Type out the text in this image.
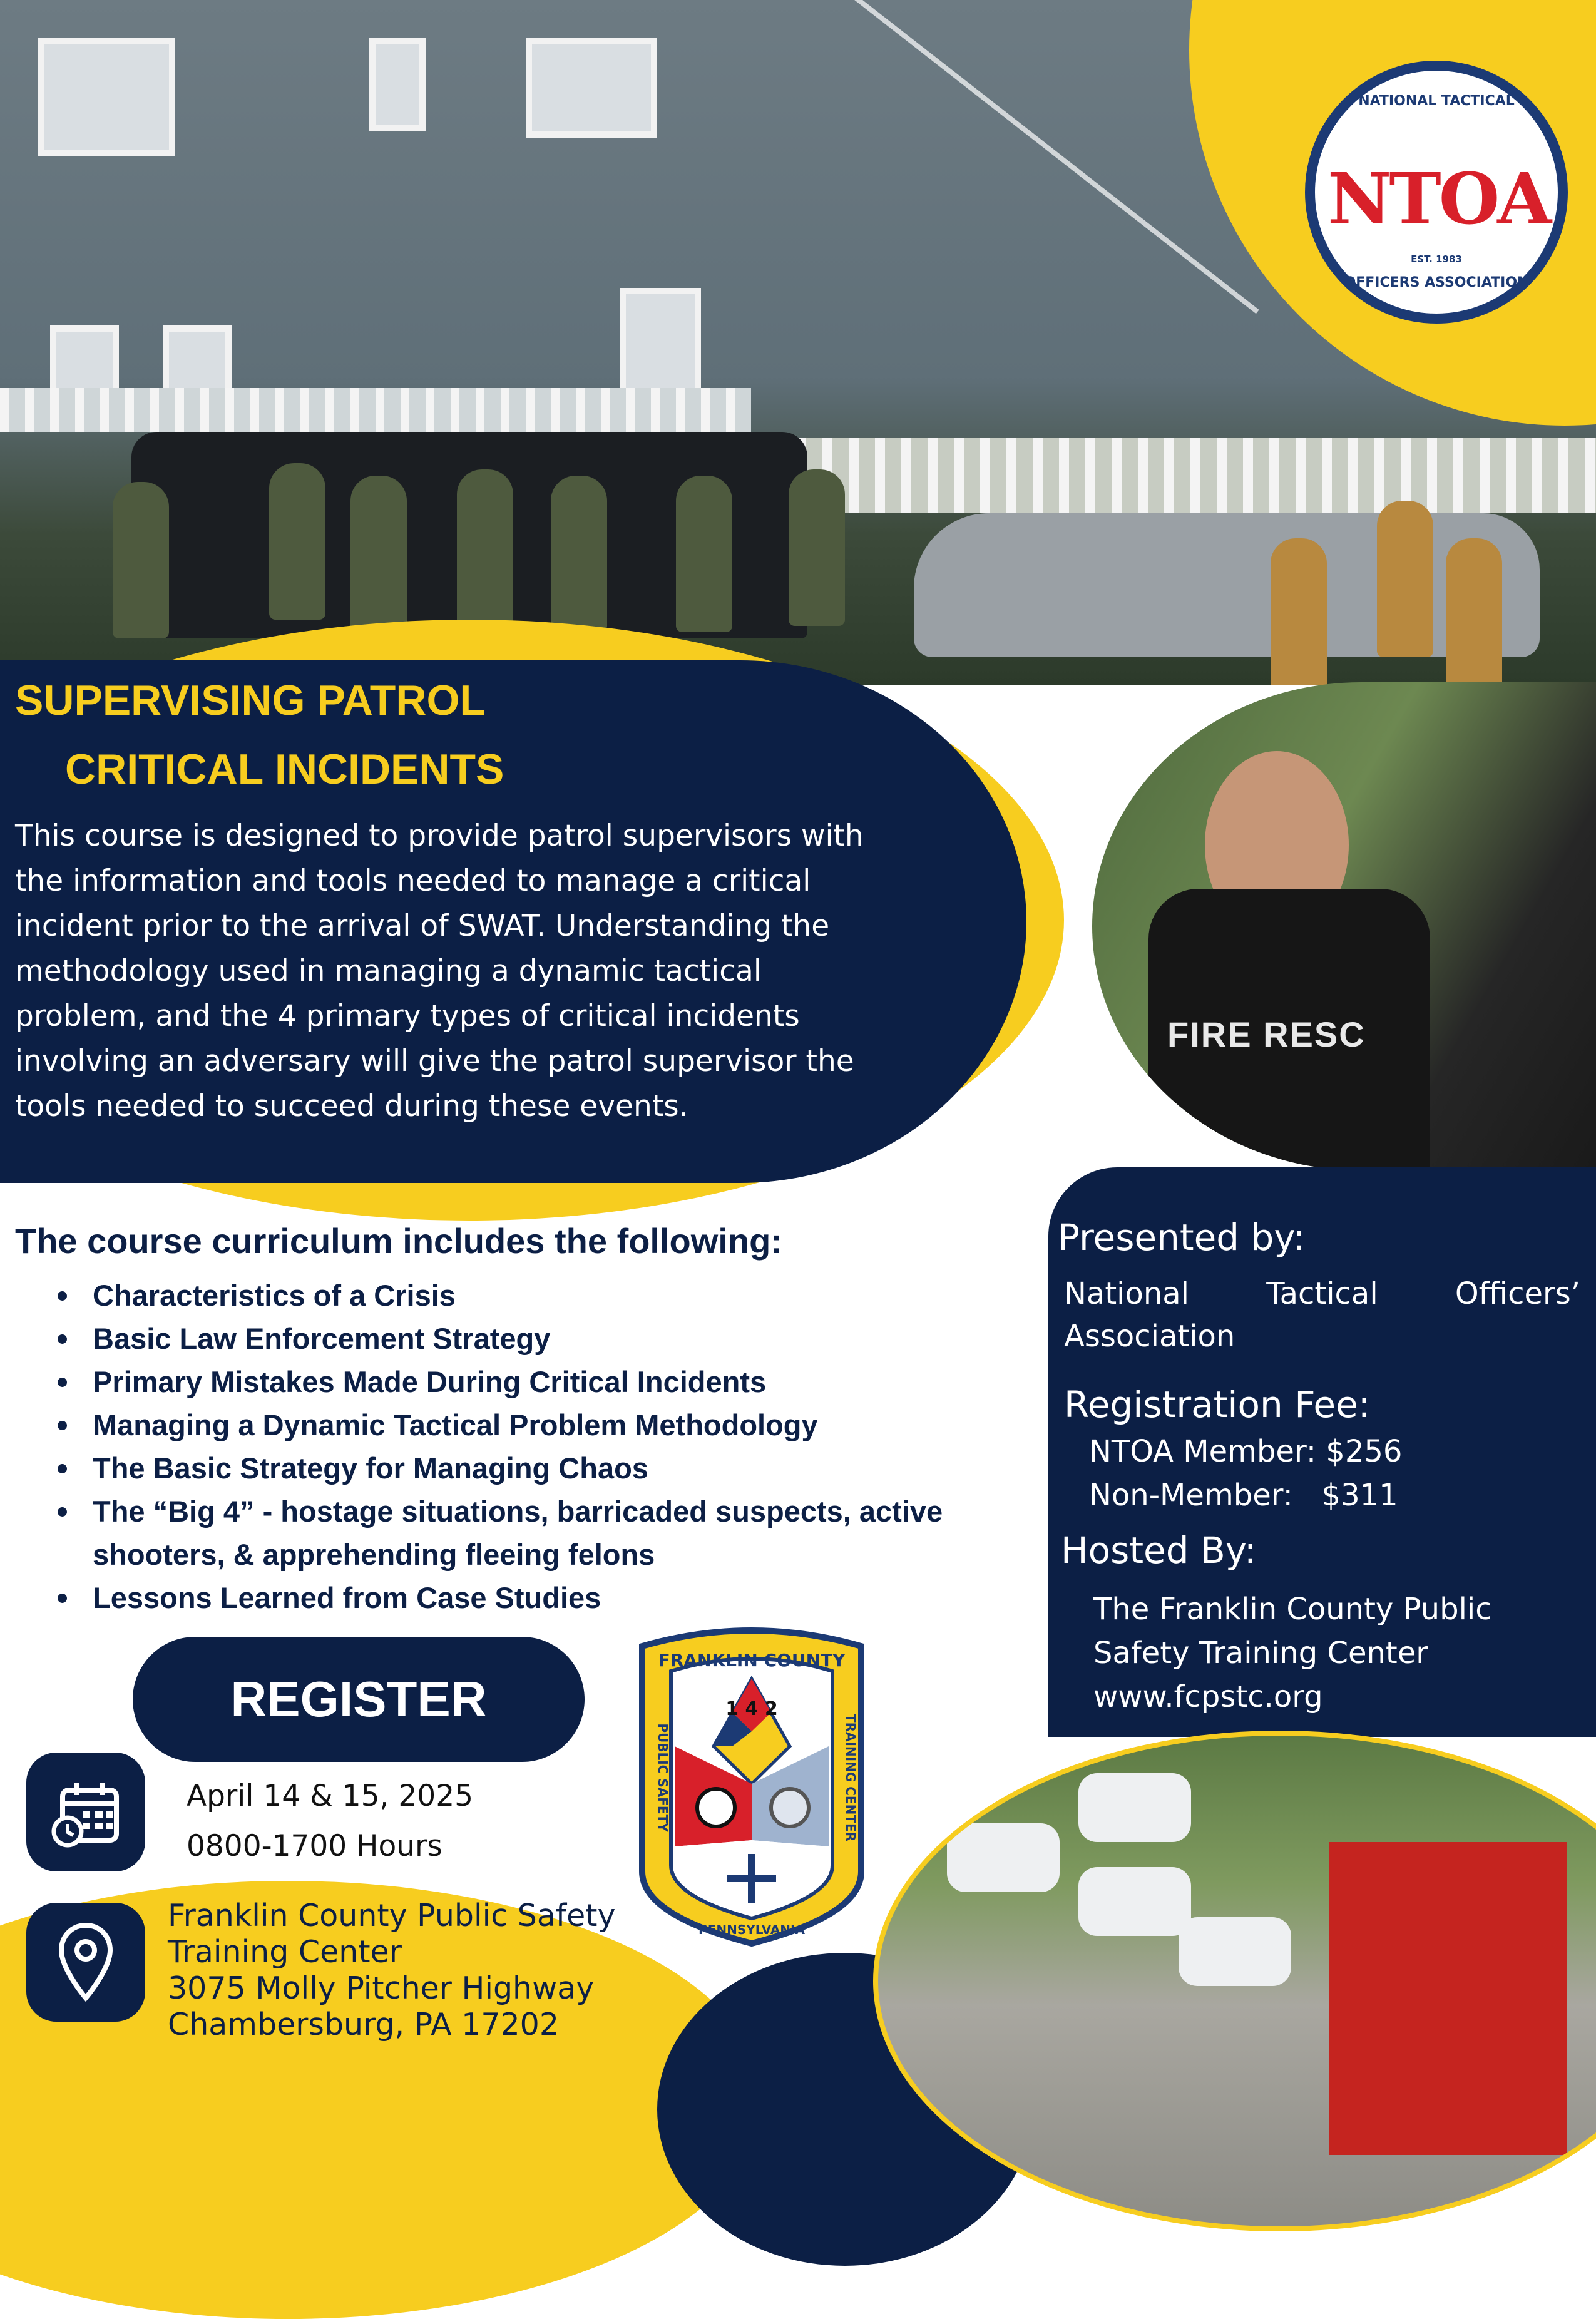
NATIONAL TACTICAL
NTOA
EST. 1983
OFFICERS ASSOCIATION
SUPERVISING PATROL
CRITICAL INCIDENTS
This course is designed to provide patrol supervisors with the information and tools needed to manage a critical incident prior to the arrival of SWAT. Understanding the methodology used in managing a dynamic tactical problem, and the 4 primary types of critical incidents involving an adversary will give the patrol supervisor the tools needed to succeed during these events.
FIRE RESC
Presented by:
National	Tactical	Officers’
Association
Registration Fee:
NTOA Member: $256
Non-Member:   $311
Hosted By:
The Franklin County Public
Safety Training Center
www.fcpstc.org
The course curriculum includes the following:
Characteristics of a Crisis
Basic Law Enforcement Strategy
Primary Mistakes Made During Critical Incidents
Managing a Dynamic Tactical Problem Methodology
The Basic Strategy for Managing Chaos
The “Big 4” - hostage situations, barricaded suspects, active shooters, & apprehending fleeing felons
Lessons Learned from Case Studies
REGISTER
April 14 & 15, 2025
0800-1700 Hours
Franklin County Public Safety
Training Center
3075 Molly Pitcher Highway
Chambersburg, PA 17202
FRANKLIN COUNTY
1 4 2
PENNSYLVANIA
PUBLIC SAFETY	TRAINING CENTER
